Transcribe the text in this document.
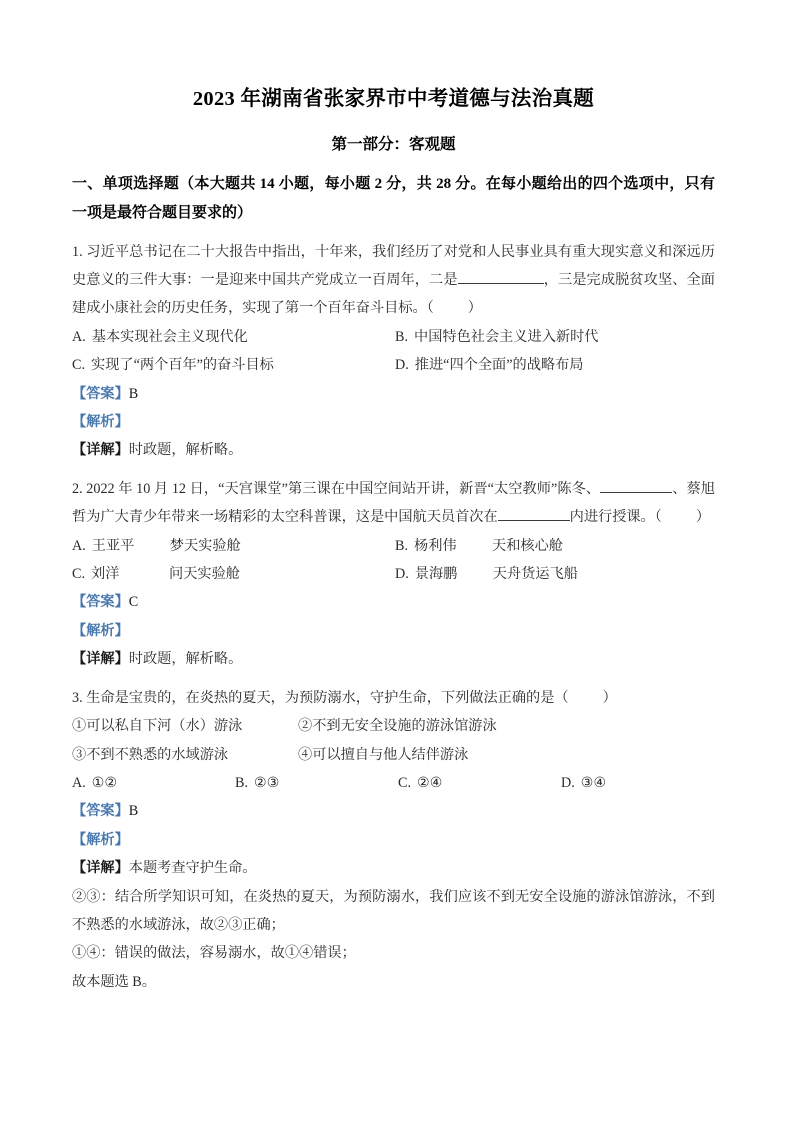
2023 年湖南省张家界市中考道德与法治真题
第一部分：客观题

一、单项选择题（本大题共 14 小题，每小题 2 分，共 28 分。在每小题给出的四个选项中，只有一项是最符合题目要求的）

1. 习近平总书记在二十大报告中指出，十年来，我们经历了对党和人民事业具有重大现实意义和深远历史意义的三件大事：一是迎来中国共产党成立一百周年，二是	，三是完成脱贫攻坚、全面建成小康社会的历史任务，实现了第一个百年奋斗目标。（ ）

A. 基本实现社会主义现代化	B. 中国特色社会主义进入新时代
C. 实现了“两个百年”的奋斗目标	D. 推进“四个全面”的战略布局

【答案】B

【解析】

【详解】时政题，解析略。

2. 2022 年 10 月 12 日，“天宫课堂”第三课在中国空间站开讲，新晋“太空教师”陈冬、	、蔡旭哲为广大青少年带来一场精彩的太空科普课，这是中国航天员首次在	内进行授课。（ ）

A. 王亚平 梦天实验舱	B. 杨利伟 天和核心舱
C. 刘洋	问天实验舱	D. 景海鹏 天舟货运飞船

【答案】C

【解析】

【详解】时政题，解析略。

3. 生命是宝贵的，在炎热的夏天，为预防溺水，守护生命，下列做法正确的是（ ）

①可以私自下河（水）游泳	②不到无安全设施的游泳馆游泳
③不到不熟悉的水域游泳	④可以擅自与他人结伴游泳
A. ①②	B. ②③	C. ②④	D. ③④

【答案】B

【解析】

【详解】本题考查守护生命。

②③：结合所学知识可知，在炎热的夏天，为预防溺水，我们应该不到无安全设施的游泳馆游泳，不到不熟悉的水域游泳，故②③正确；

①④：错误的做法，容易溺水，故①④错误；

故本题选 B。
